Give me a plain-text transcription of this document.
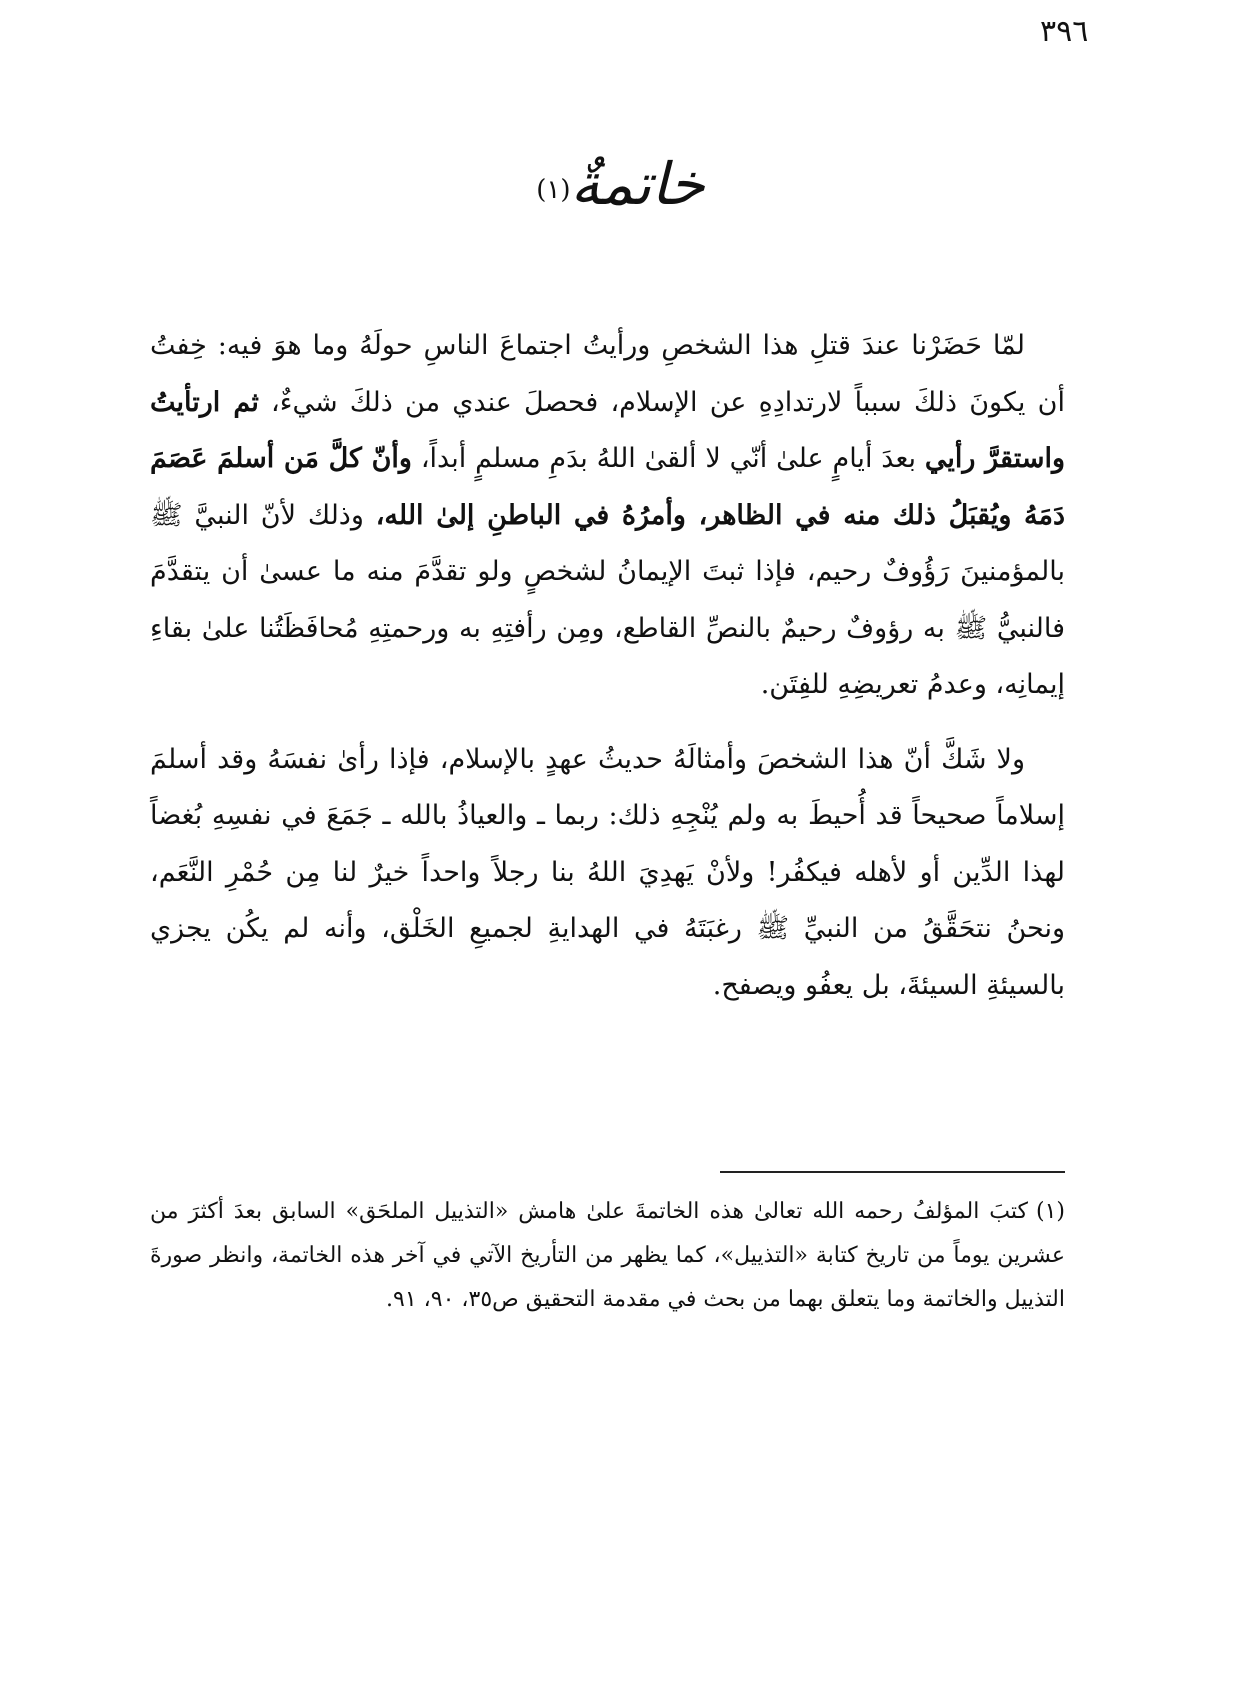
٣٩٦
خاتمةٌ(١)

لمّا حَضَرْنا عندَ قتلِ هذا الشخصِ ورأيتُ اجتماعَ الناسِ حولَهُ وما هوَ فيه: خِفتُ أن يكونَ ذلكَ سبباً لارتدادِهِ عن الإسلام، فحصلَ عندي من ذلكَ شيءٌ، ثم ارتأيتُ واستقرَّ رأيي بعدَ أيامٍ علىٰ أنّي لا ألقىٰ اللهُ بدَمِ مسلمٍ أبداً، وأنّ كلَّ مَن أسلمَ عَصَمَ دَمَهُ ويُقبَلُ ذلك منه في الظاهر، وأمرُهُ في الباطنِ إلىٰ الله، وذلك لأنّ النبيَّ ﷺ بالمؤمنينَ رَؤُوفٌ رحيم، فإذا ثبتَ الإيمانُ لشخصٍ ولو تقدَّمَ منه ما عسىٰ أن يتقدَّمَ فالنبيُّ ﷺ به رؤوفٌ رحيمٌ بالنصِّ القاطع، ومِن رأفتِهِ به ورحمتِهِ مُحافَظَتُنا علىٰ بقاءِ إيمانِه، وعدمُ تعريضِهِ للفِتَن.

ولا شَكَّ أنّ هذا الشخصَ وأمثالَهُ حديثُ عهدٍ بالإسلام، فإذا رأىٰ نفسَهُ وقد أسلمَ إسلاماً صحيحاً قد أُحيطَ به ولم يُنْجِهِ ذلك: ربما ـ والعياذُ بالله ـ جَمَعَ في نفسِهِ بُغضاً لهذا الدِّين أو لأهله فيكفُر! ولأنْ يَهدِيَ اللهُ بنا رجلاً واحداً خيرٌ لنا مِن حُمْرِ النَّعَم، ونحنُ نتحَقَّقُ من النبيِّ ﷺ رغبَتَهُ في الهدايةِ لجميعِ الخَلْق، وأنه لم يكُن يجزي بالسيئةِ السيئةَ، بل يعفُو ويصفح.

(١)كتبَ المؤلفُ رحمه الله تعالىٰ هذه الخاتمةَ علىٰ هامش «التذييل الملحَق» السابق بعدَ أكثرَ من عشرين يوماً من تاريخ كتابة «التذييل»، كما يظهر من التأريخ الآتي في آخر هذه الخاتمة، وانظر صورةَ التذييل والخاتمة وما يتعلق بهما من بحث في مقدمة التحقيق ص٣٥، ٩٠، ٩١.
